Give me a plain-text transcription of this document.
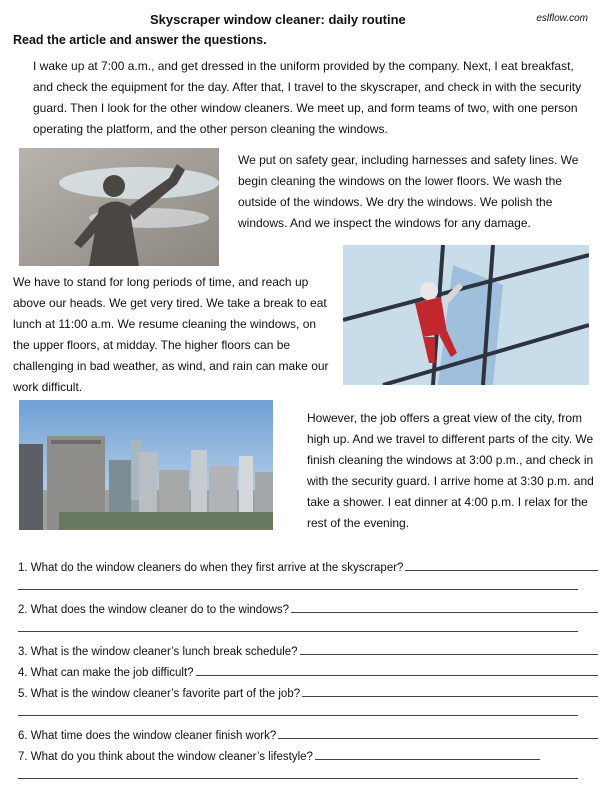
Skyscraper window cleaner: daily routine	eslflow.com
Read the article and answer the questions.
I wake up at 7:00 a.m., and get dressed in the uniform provided by the company. Next, I eat breakfast, and check the equipment for the day. After that, I travel to the skyscraper, and check in with the security guard. Then I look for the other window cleaners. We meet up, and form teams of two, with one person operating the platform, and the other person cleaning the windows.
We put on safety gear, including harnesses and safety lines. We begin cleaning the windows on the lower floors. We wash the outside of the windows. We dry the windows. We polish the windows. And we inspect the windows for any damage.
We have to stand for long periods of time, and reach up above our heads. We get very tired. We take a break to eat lunch at 11:00 a.m. We resume cleaning the windows, on the upper floors, at midday. The higher floors can be challenging in bad weather, as wind, and rain can make our work difficult.
However, the job offers a great view of the city, from high up. And we travel to different parts of the city. We finish cleaning the windows at 3:00 p.m., and check in with the security guard. I arrive home at 3:30 p.m. and take a shower. I eat dinner at 4:00 p.m. I relax for the rest of the evening.
1. What do the window cleaners do when they first arrive at the skyscraper?
2. What does the window cleaner do to the windows?
3. What is the window cleaner’s lunch break schedule?
4. What can make the job difficult?
5. What is the window cleaner’s favorite part of the job?
6. What time does the window cleaner finish work?
7. What do you think about the window cleaner’s lifestyle?
